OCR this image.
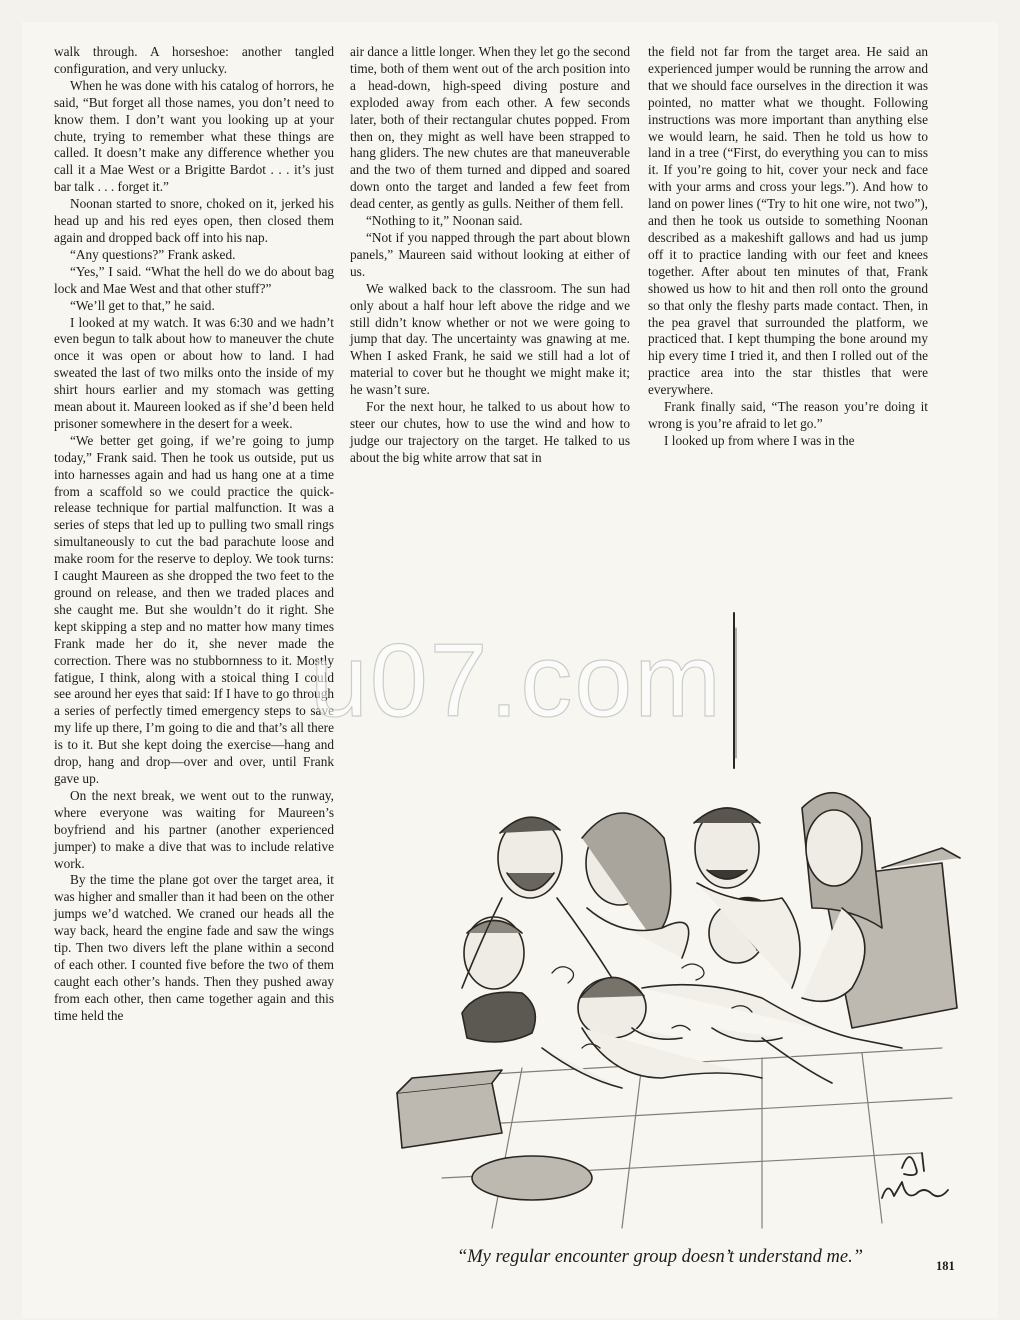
walk through. A horseshoe: another tangled configuration, and very unlucky.

When he was done with his catalog of horrors, he said, “But forget all those names, you don’t need to know them. I don’t want you looking up at your chute, trying to remember what these things are called. It doesn’t make any difference whether you call it a Mae West or a Brigitte Bardot . . . it’s just bar talk . . . forget it.”

Noonan started to snore, choked on it, jerked his head up and his red eyes open, then closed them again and dropped back off into his nap.

“Any questions?” Frank asked.

“Yes,” I said. “What the hell do we do about bag lock and Mae West and that other stuff?”

“We’ll get to that,” he said.

I looked at my watch. It was 6:30 and we hadn’t even begun to talk about how to maneuver the chute once it was open or about how to land. I had sweated the last of two milks onto the inside of my shirt hours earlier and my stomach was getting mean about it. Maureen looked as if she’d been held prisoner somewhere in the desert for a week.

“We better get going, if we’re going to jump today,” Frank said. Then he took us outside, put us into harnesses again and had us hang one at a time from a scaffold so we could practice the quick-release technique for partial malfunction. It was a series of steps that led up to pulling two small rings simultaneously to cut the bad parachute loose and make room for the reserve to deploy. We took turns: I caught Maureen as she dropped the two feet to the ground on release, and then we traded places and she caught me. But she wouldn’t do it right. She kept skipping a step and no matter how many times Frank made her do it, she never made the correction. There was no stubbornness to it. Mostly fatigue, I think, along with a stoical thing I could see around her eyes that said: If I have to go through a series of perfectly timed emergency steps to save my life up there, I’m going to die and that’s all there is to it. But she kept doing the exercise—hang and drop, hang and drop—over and over, until Frank gave up.

On the next break, we went out to the runway, where everyone was waiting for Maureen’s boyfriend and his partner (another experienced jumper) to make a dive that was to include relative work.

By the time the plane got over the target area, it was higher and smaller than it had been on the other jumps we’d watched. We craned our heads all the way back, heard the engine fade and saw the wings tip. Then two divers left the plane within a second of each other. I counted five before the two of them caught each other’s hands. Then they pushed away from each other, then came together again and this time held the

air dance a little longer. When they let go the second time, both of them went out of the arch position into a head-down, high-speed diving posture and exploded away from each other. A few seconds later, both of their rectangular chutes popped. From then on, they might as well have been strapped to hang gliders. The new chutes are that maneuverable and the two of them turned and dipped and soared down onto the target and landed a few feet from dead center, as gently as gulls. Neither of them fell.

“Nothing to it,” Noonan said.

“Not if you napped through the part about blown panels,” Maureen said without looking at either of us.

We walked back to the classroom. The sun had only about a half hour left above the ridge and we still didn’t know whether or not we were going to jump that day. The uncertainty was gnawing at me. When I asked Frank, he said we still had a lot of material to cover but he thought we might make it; he wasn’t sure.

For the next hour, he talked to us about how to steer our chutes, how to use the wind and how to judge our trajectory on the target. He talked to us about the big white arrow that sat in

the field not far from the target area. He said an experienced jumper would be running the arrow and that we should face ourselves in the direction it was pointed, no matter what we thought. Following instructions was more important than anything else we would learn, he said. Then he told us how to land in a tree (“First, do everything you can to miss it. If you’re going to hit, cover your neck and face with your arms and cross your legs.”). And how to land on power lines (“Try to hit one wire, not two”), and then he took us outside to something Noonan described as a makeshift gallows and had us jump off it to practice landing with our feet and knees together. After about ten minutes of that, Frank showed us how to hit and then roll onto the ground so that only the fleshy parts made contact. Then, in the pea gravel that surrounded the platform, we practiced that. I kept thumping the bone around my hip every time I tried it, and then I rolled out of the practice area into the star thistles that were everywhere.

Frank finally said, “The reason you’re doing it wrong is you’re afraid to let go.”

I looked up from where I was in the

u07.com
“My regular encounter group doesn’t understand me.”	181
